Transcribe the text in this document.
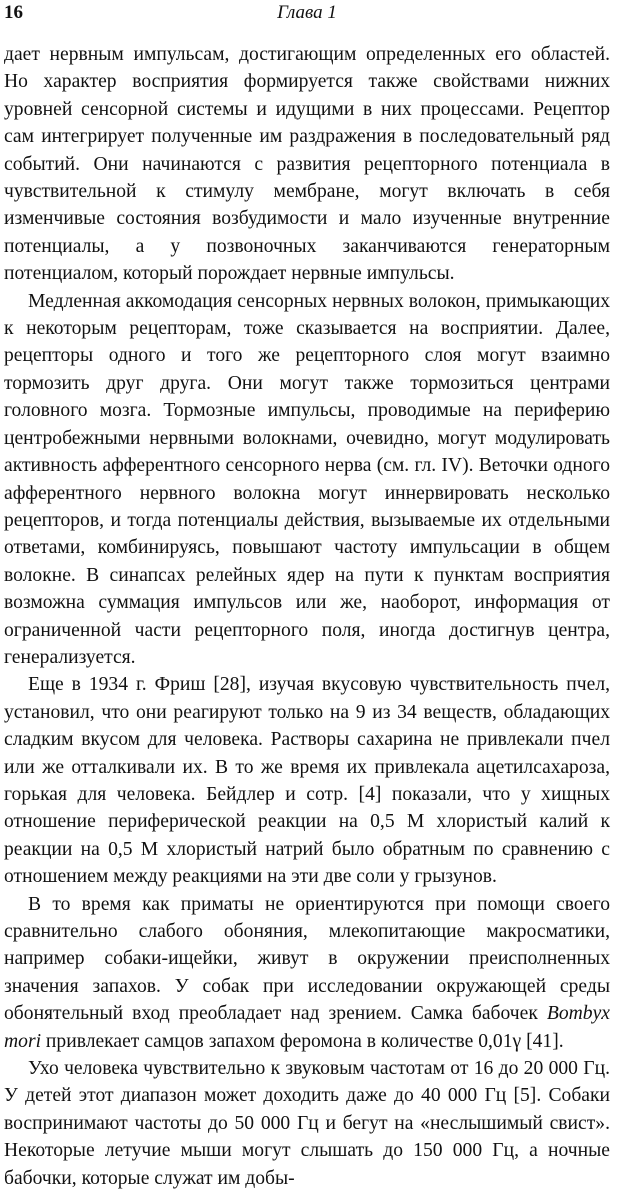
16	Глава 1

дает нервным импульсам, достигающим определенных его областей. Но характер восприятия формируется также свойствами нижних уровней сенсорной системы и идущими в них процессами. Рецептор сам интегрирует полученные им раздражения в последовательный ряд событий. Они начинаются с развития рецепторного потенциала в чувствительной к стимулу мембране, могут включать в себя изменчивые состояния возбудимости и мало изученные внутренние потенциалы, а у позвоночных заканчиваются генераторным потенциалом, который порождает нервные импульсы.

Медленная аккомодация сенсорных нервных волокон, примыкающих к некоторым рецепторам, тоже сказывается на восприятии. Далее, рецепторы одного и того же рецепторного слоя могут взаимно тормозить друг друга. Они могут также тормозиться центрами головного мозга. Тормозные импульсы, проводимые на периферию центробежными нервными волокнами, очевидно, могут модулировать активность афферентного сенсорного нерва (см. гл. IV). Веточки одного афферентного нервного волокна могут иннервировать несколько рецепторов, и тогда потенциалы действия, вызываемые их отдельными ответами, комбинируясь, повышают частоту импульсации в общем волокне. В синапсах релейных ядер на пути к пунктам восприятия возможна суммация импульсов или же, наоборот, информация от ограниченной части рецепторного поля, иногда достигнув центра, генерализуется.

Еще в 1934 г. Фриш [28], изучая вкусовую чувствительность пчел, установил, что они реагируют только на 9 из 34 веществ, обладающих сладким вкусом для человека. Растворы сахарина не привлекали пчел или же отталкивали их. В то же время их привлекала ацетилсахароза, горькая для человека. Бейдлер и сотр. [4] показали, что у хищных отношение периферической реакции на 0,5 М хлористый калий к реакции на 0,5 М хлористый натрий было обратным по сравнению с отношением между реакциями на эти две соли у грызунов.

В то время как приматы не ориентируются при помощи своего сравнительно слабого обоняния, млекопитающие макросматики, например собаки-ищейки, живут в окружении преисполненных значения запахов. У собак при исследовании окружающей среды обонятельный вход преобладает над зрением. Самка бабочек Bombyx mori привлекает самцов запахом феромона в количестве 0,01γ [41].

Ухо человека чувствительно к звуковым частотам от 16 до 20 000 Гц. У детей этот диапазон может доходить даже до 40 000 Гц [5]. Собаки воспринимают частоты до 50 000 Гц и бегут на «неслышимый свист». Некоторые летучие мыши могут слышать до 150 000 Гц, а ночные бабочки, которые служат им добы-
